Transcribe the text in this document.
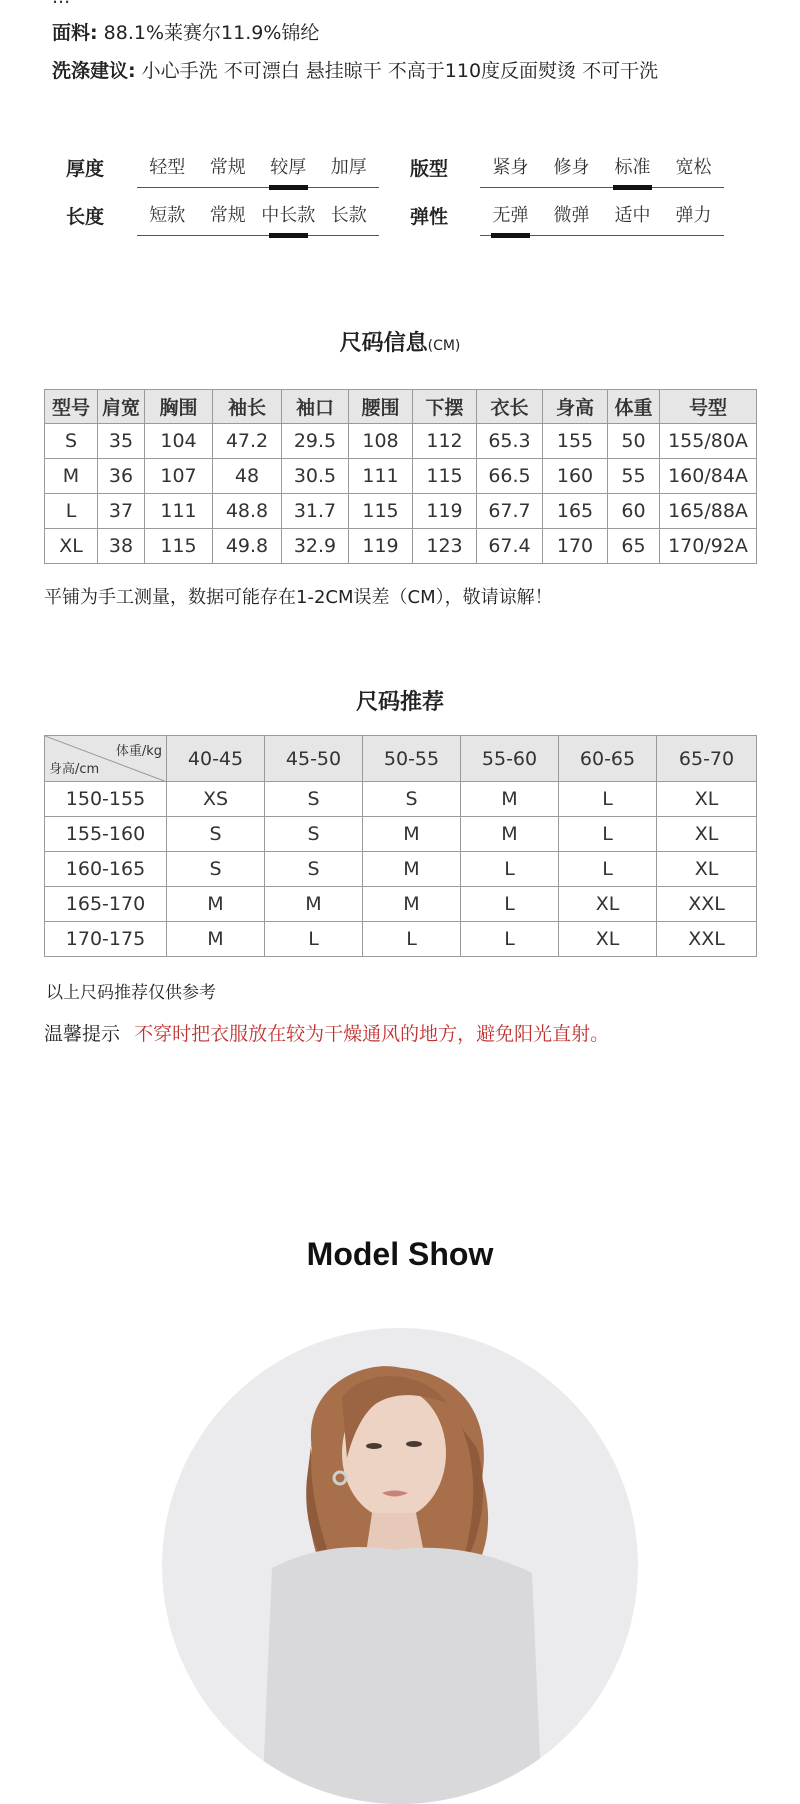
面料: 88.1%莱赛尔11.9%锦纶
洗涤建议: 小心手洗 不可漂白 悬挂晾干 不高于110度反面熨烫 不可干洗
厚度	轻型	常规	较厚	加厚	版型	紧身	修身	标准	宽松
长度	短款	常规 中长款 长款	弹性	无弹	微弹	适中	弹力
尺码信息(CM)
型号	肩宽	胸围	袖长	袖口	腰围	下摆	衣长	身高	体重	号型
S	35	104	47.2	29.5	108	112	65.3	155	50	155/80A
M	36	107	48	30.5	111	115	66.5	160	55	160/84A
L	37	111	48.8	31.7	115	119	67.7	165	60	165/88A
XL	38	115	49.8	32.9	119	123	67.4	170	65	170/92A
平铺为手工测量，数据可能存在1-2CM误差（CM），敬请谅解！
尺码推荐
体重/kg
身高/cm	40-45	45-50	50-55	55-60	60-65	65-70
150-155	XS	S	S	M	L	XL
155-160	S	S	M	M	L	XL
160-165	S	S	M	L	L	XL
165-170	M	M	M	L	XL	XXL
170-175	M	L	L	L	XL	XXL
以上尺码推荐仅供参考
温馨提示 不穿时把衣服放在较为干燥通风的地方，避免阳光直射。
Model Show
